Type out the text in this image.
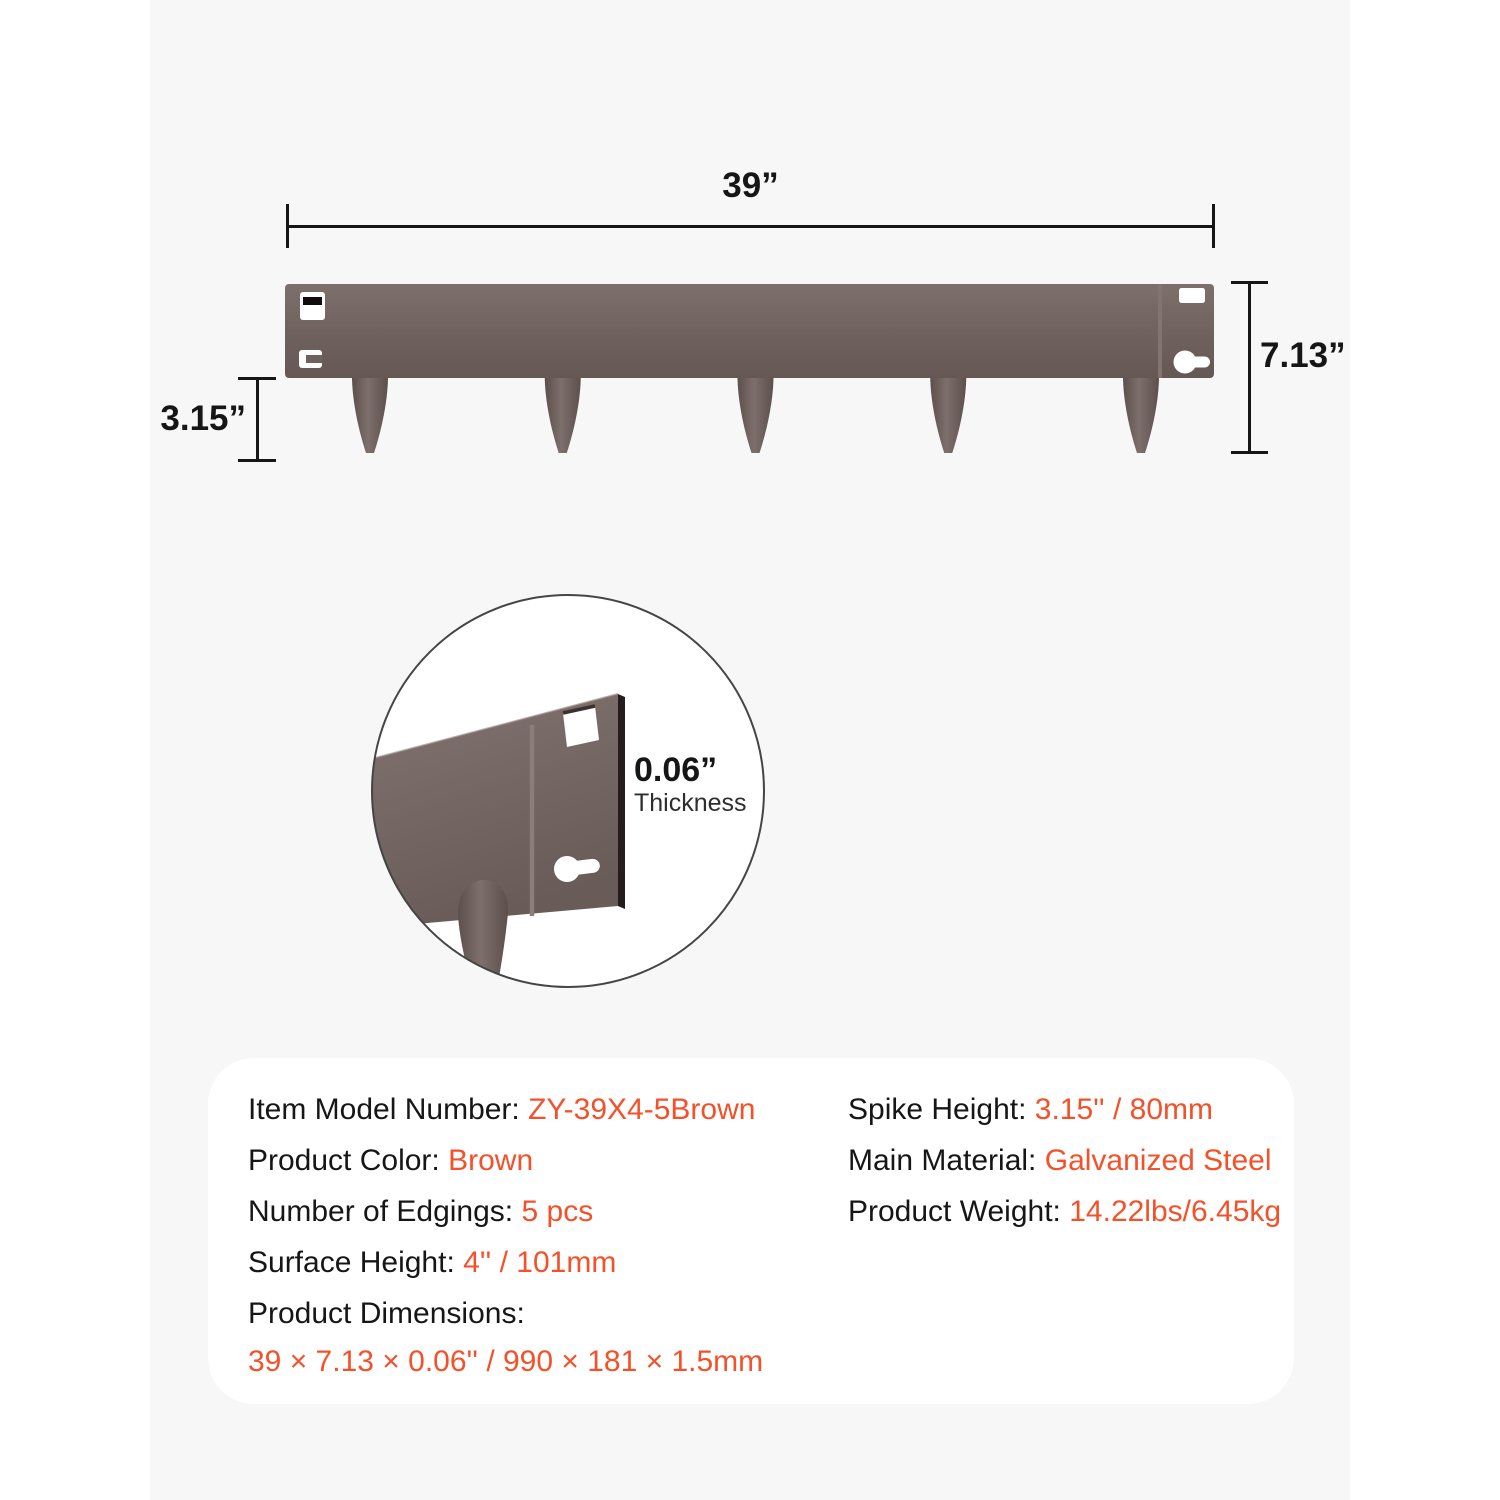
39”
7.13”
3.15”
0.06”
Thickness
Item Model Number: ZY-39X4-5Brown
Product Color: Brown
Number of Edgings: 5 pcs
Surface Height: 4'' / 101mm
Product Dimensions:
39 × 7.13 × 0.06'' / 990 × 181 × 1.5mm
Spike Height: 3.15'' / 80mm
Main Material: Galvanized Steel
Product Weight: 14.22lbs/6.45kg
